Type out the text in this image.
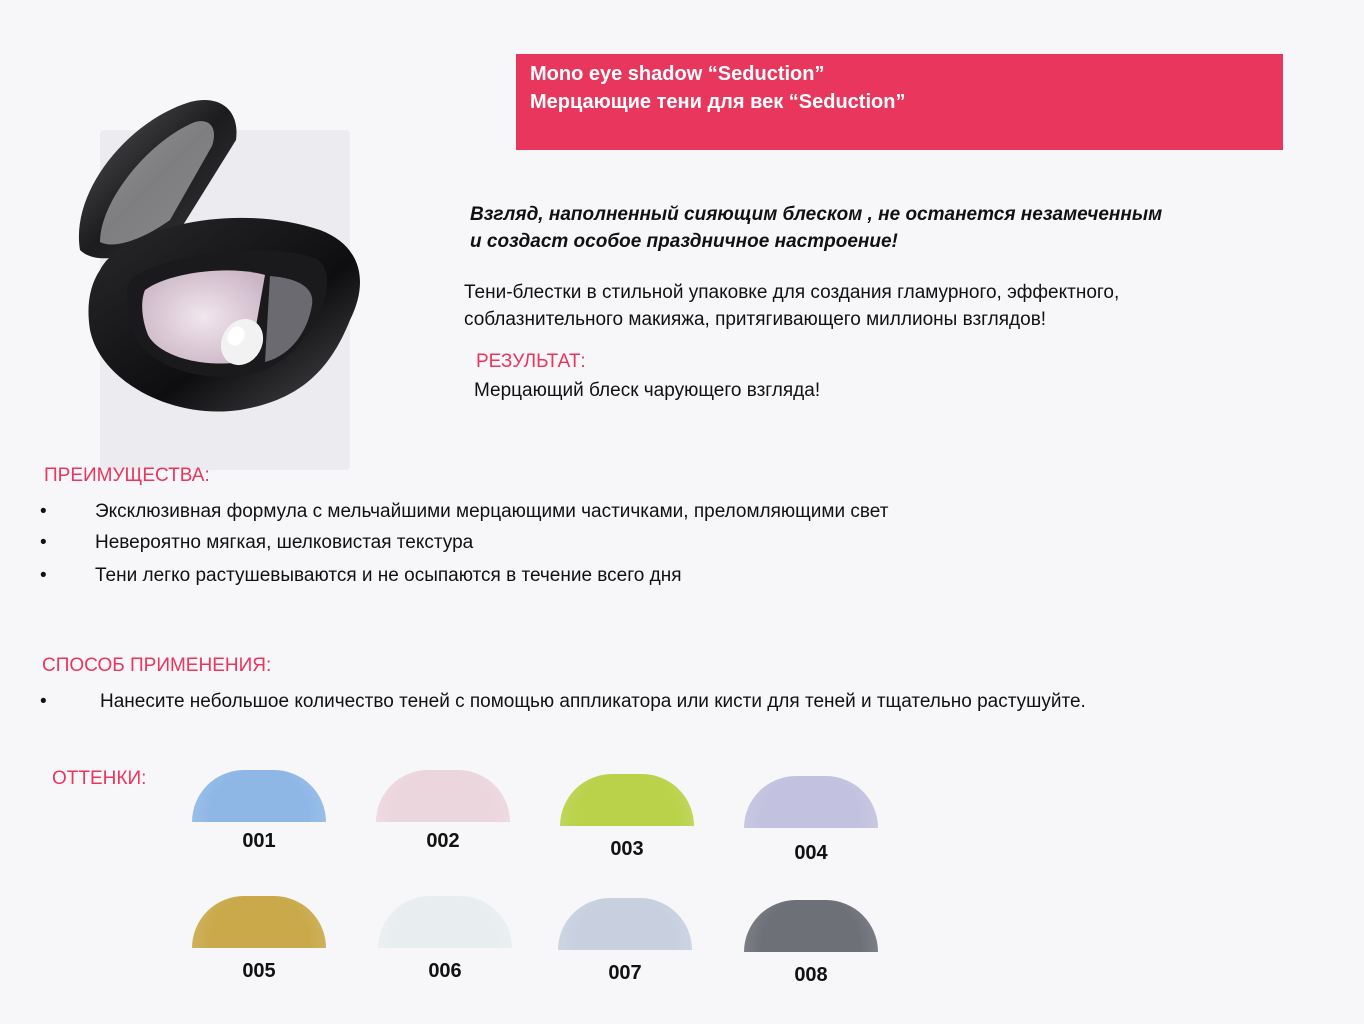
Mono eye shadow “Seduction”
Мерцающие тени для век “Seduction”
Взгляд, наполненный сияющим блеском , не останется незамеченным
и создаст особое праздничное настроение!
Тени-блестки в стильной упаковке для создания гламурного, эффектного,
соблазнительного макияжа, притягивающего миллионы взглядов!
РЕЗУЛЬТАТ:
Мерцающий блеск чарующего взгляда!
ПРЕИМУЩЕСТВА:
•	Эксклюзивная формула с мельчайшими мерцающими частичками, преломляющими свет
•	Невероятно мягкая, шелковистая текстура
•	Тени легко растушевываются и не осыпаются в течение всего дня
СПОСОБ ПРИМЕНЕНИЯ:
•	Нанесите небольшое количество теней с помощью аппликатора или кисти для теней и тщательно растушуйте.
ОТТЕНКИ:
001	002	003	004
005	006	007	008
